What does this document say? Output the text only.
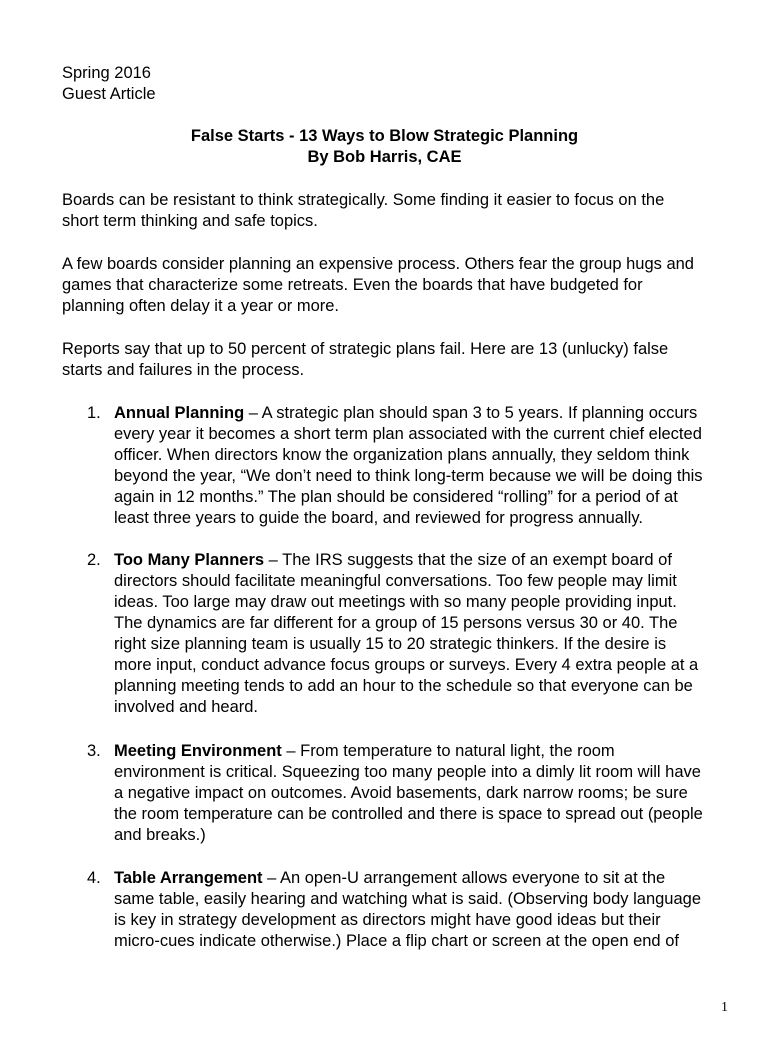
Spring 2016
Guest Article
False Starts - 13 Ways to Blow Strategic Planning
By Bob Harris, CAE
Boards can be resistant to think strategically. Some finding it easier to focus on the
short term thinking and safe topics.
A few boards consider planning an expensive process. Others fear the group hugs and
games that characterize some retreats. Even the boards that have budgeted for
planning often delay it a year or more.
Reports say that up to 50 percent of strategic plans fail. Here are 13 (unlucky) false
starts and failures in the process.
1. Annual Planning – A strategic plan should span 3 to 5 years. If planning occurs
every year it becomes a short term plan associated with the current chief elected
officer. When directors know the organization plans annually, they seldom think
beyond the year, “We don’t need to think long-term because we will be doing this
again in 12 months.” The plan should be considered “rolling” for a period of at
least three years to guide the board, and reviewed for progress annually.
2. Too Many Planners – The IRS suggests that the size of an exempt board of
directors should facilitate meaningful conversations. Too few people may limit
ideas. Too large may draw out meetings with so many people providing input.
The dynamics are far different for a group of 15 persons versus 30 or 40. The
right size planning team is usually 15 to 20 strategic thinkers. If the desire is
more input, conduct advance focus groups or surveys. Every 4 extra people at a
planning meeting tends to add an hour to the schedule so that everyone can be
involved and heard.
3. Meeting Environment – From temperature to natural light, the room
environment is critical. Squeezing too many people into a dimly lit room will have
a negative impact on outcomes. Avoid basements, dark narrow rooms; be sure
the room temperature can be controlled and there is space to spread out (people
and breaks.)
4. Table Arrangement – An open-U arrangement allows everyone to sit at the
same table, easily hearing and watching what is said. (Observing body language
is key in strategy development as directors might have good ideas but their
micro-cues indicate otherwise.) Place a flip chart or screen at the open end of
1
